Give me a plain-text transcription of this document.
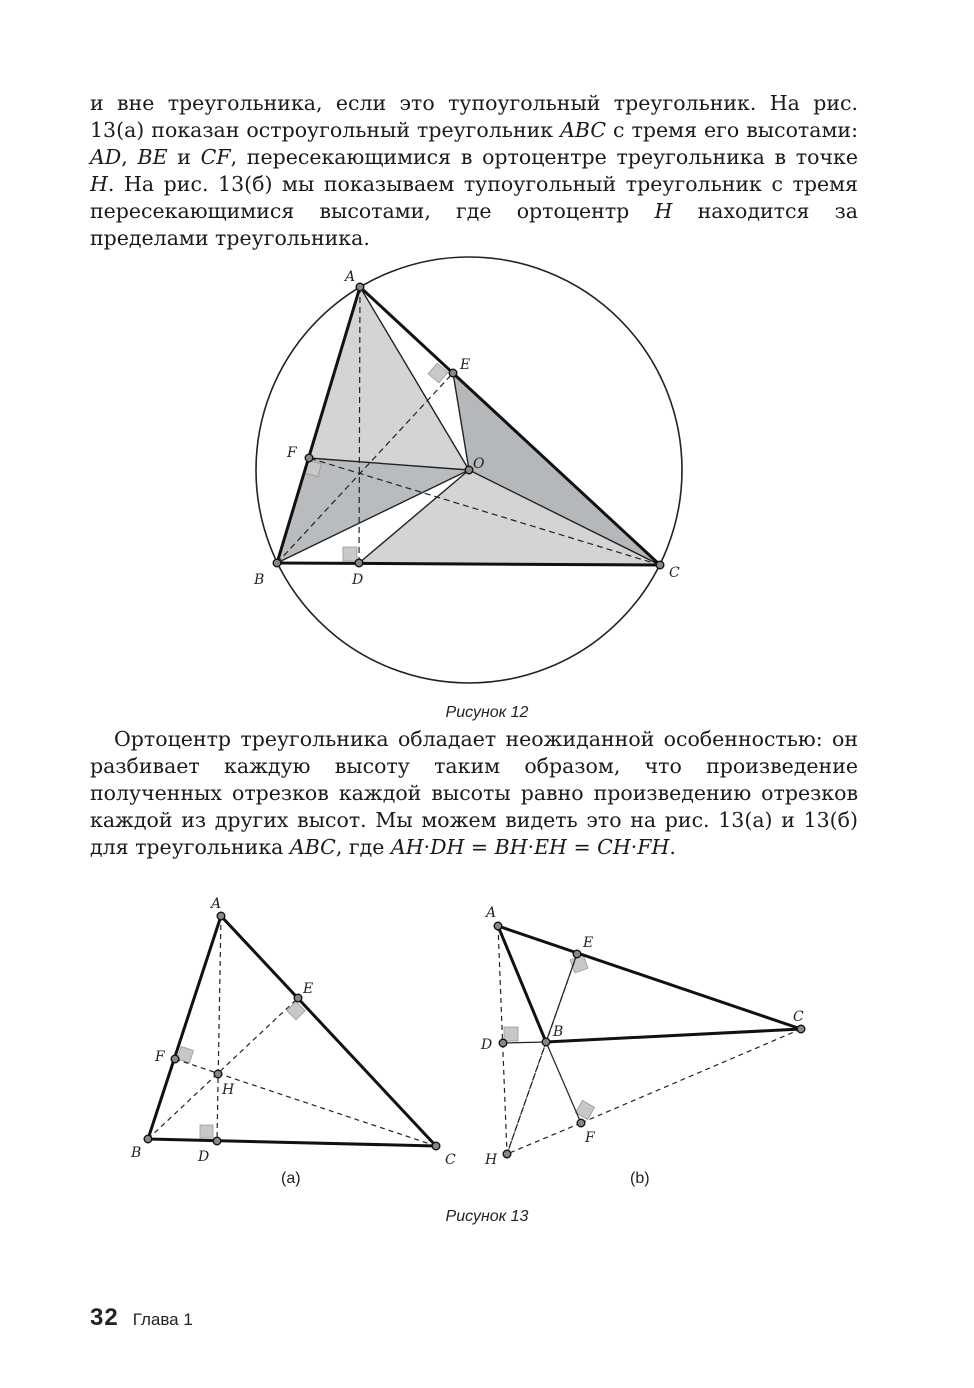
и вне треугольника, если это тупоугольный треугольник. На рис. 13(а) показан остроугольный треугольник ABC с тремя его высотами: AD, BE и CF, пересекающимися в ортоцентре треугольника в точке H. На рис. 13(б) мы показываем тупоугольный треугольник с тремя пересекающимися высотами, где ортоцентр H находится за пределами треугольника.
A
B	C
D
E
F
O
Рисунок 12
Ортоцентр треугольника обладает неожиданной особенностью: он разбивает каждую высоту таким образом, что произведение полученных отрезков каждой высоты равно произведению отрезков каждой из других высот. Мы можем видеть это на рис. 13(а) и 13(б) для треугольника ABC, где AH·DH = BH·EH = CH·FH.
A
B	C
D
E
F
H
(a)
A
B
C
D
E
F
H
(b)
Рисунок 13
32 Глава 1
